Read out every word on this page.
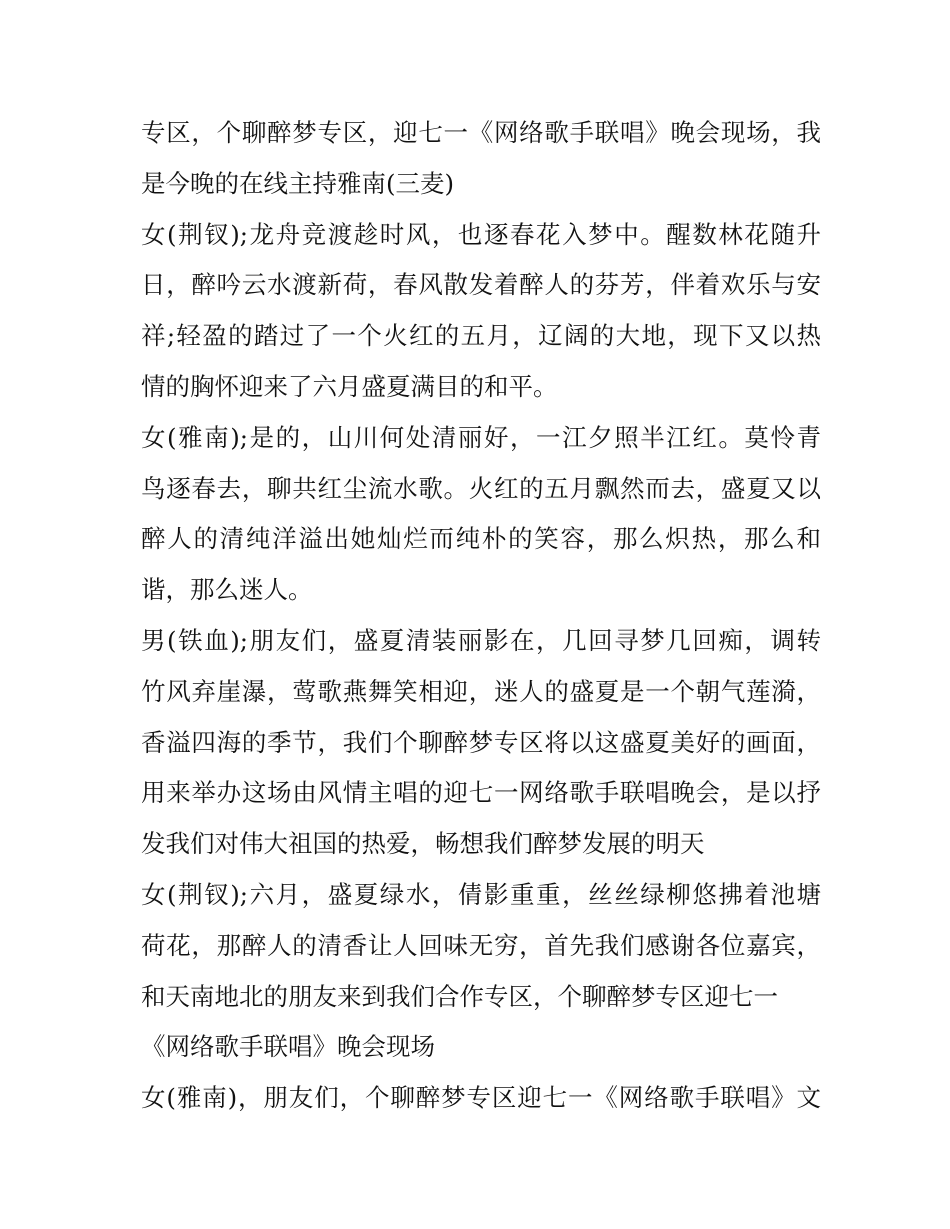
专区，个聊醉梦专区，迎七一《网络歌手联唱》晚会现场，我
是今晚的在线主持雅南(三麦)
女(荆钗);龙舟竞渡趁时风，也逐春花入梦中。醒数林花随升
日，醉吟云水渡新荷，春风散发着醉人的芬芳，伴着欢乐与安
祥;轻盈的踏过了一个火红的五月，辽阔的大地，现下又以热
情的胸怀迎来了六月盛夏满目的和平。
女(雅南);是的，山川何处清丽好，一江夕照半江红。莫怜青
鸟逐春去，聊共红尘流水歌。火红的五月飘然而去，盛夏又以
醉人的清纯洋溢出她灿烂而纯朴的笑容，那么炽热，那么和
谐，那么迷人。
男(铁血);朋友们，盛夏清装丽影在，几回寻梦几回痴，调转
竹风弃崖瀑，莺歌燕舞笑相迎，迷人的盛夏是一个朝气莲漪，
香溢四海的季节，我们个聊醉梦专区将以这盛夏美好的画面，
用来举办这场由风情主唱的迎七一网络歌手联唱晚会，是以抒
发我们对伟大祖国的热爱，畅想我们醉梦发展的明天
女(荆钗);六月，盛夏绿水，倩影重重，丝丝绿柳悠拂着池塘
荷花，那醉人的清香让人回味无穷，首先我们感谢各位嘉宾，
和天南地北的朋友来到我们合作专区，个聊醉梦专区迎七一
《网络歌手联唱》晚会现场
女(雅南)，朋友们，个聊醉梦专区迎七一《网络歌手联唱》文
